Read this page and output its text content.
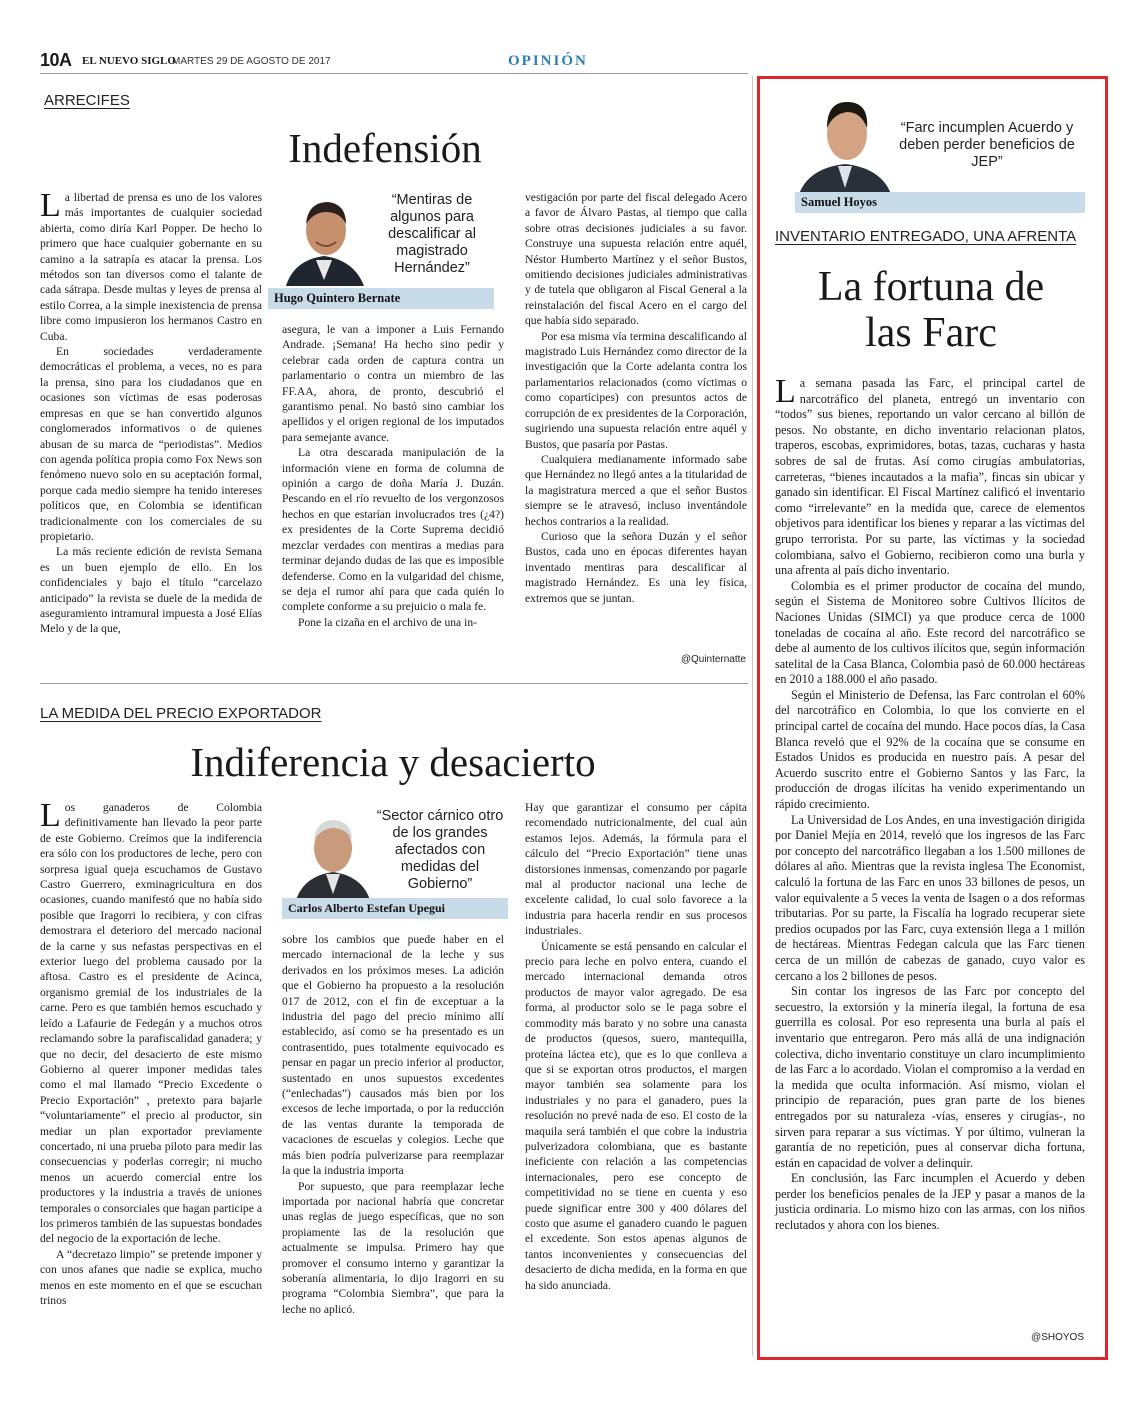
10A EL NUEVO SIGLO
MARTES 29 DE AGOSTO DE 2017	OPINIÓN
ARRECIFES
Indefensión
“Mentiras de algunos para descalificar al magistrado Hernández”
Hugo Quintero Bernate

La libertad de prensa es uno de los valores más importantes de cualquier sociedad abierta, como diría Karl Popper. De hecho lo primero que hace cualquier gobernante en su camino a la satrapía es atacar la prensa. Los métodos son tan diversos como el talante de cada sátrapa. Desde multas y leyes de prensa al estilo Correa, a la simple inexistencia de prensa libre como impusieron los hermanos Castro en Cuba.

En sociedades verdaderamente democráticas el problema, a veces, no es para la prensa, sino para los ciudadanos que en ocasiones son víctimas de esas poderosas empresas en que se han convertido algunos conglomerados informativos o de quienes abusan de su marca de “periodistas”. Medios con agenda política propia como Fox News son fenómeno nuevo solo en su aceptación formal, porque cada medio siempre ha tenido intereses políticos que, en Colombia se identifican tradicionalmente con los comerciales de su propietario.

La más reciente edición de revista Semana es un buen ejemplo de ello. En los confidenciales y bajo el título “carcelazo anticipado” la revista se duele de la medida de aseguramiento intramural impuesta a José Elías Melo y de la que,

asegura, le van a imponer a Luis Fernando Andrade. ¡Semana! Ha hecho sino pedir y celebrar cada orden de captura contra un parlamentario o contra un miembro de las FF.AA, ahora, de pronto, descubrió el garantismo penal. No bastó sino cambiar los apellidos y el origen regional de los imputados para semejante avance.

La otra descarada manipulación de la información viene en forma de columna de opinión a cargo de doña María J. Duzán. Pescando en el río revuelto de los vergonzosos hechos en que estarían involucrados tres (¿4?) ex presidentes de la Corte Suprema decidió mezclar verdades con mentiras a medias para terminar dejando dudas de las que es imposible defenderse. Como en la vulgaridad del chisme, se deja el rumor ahí para que cada quién lo complete conforme a su prejuicio o mala fe.

Pone la cizaña en el archivo de una in-

vestigación por parte del fiscal delegado Acero a favor de Álvaro Pastas, al tiempo que calla sobre otras decisiones judiciales a su favor. Construye una supuesta relación entre aquél, Néstor Humberto Martínez y el señor Bustos, omitiendo decisiones judiciales administrativas y de tutela que obligaron al Fiscal General a la reinstalación del fiscal Acero en el cargo del que había sido separado.

Por esa misma vía termina descalificando al magistrado Luis Hernández como director de la investigación que la Corte adelanta contra los parlamentarios relacionados (como víctimas o como copartícipes) con presuntos actos de corrupción de ex presidentes de la Corporación, sugiriendo una supuesta relación entre aquél y Bustos, que pasaría por Pastas.

Cualquiera medianamente informado sabe que Hernández no llegó antes a la titularidad de la magistratura merced a que el señor Bustos siempre se le atravesó, incluso inventándole hechos contrarios a la realidad.

Curioso que la señora Duzán y el señor Bustos, cada uno en épocas diferentes hayan inventado mentiras para descalificar al magistrado Hernández. Es una ley física, extremos que se juntan.

@Quinternatte
LA MEDIDA DEL PRECIO EXPORTADOR
Indiferencia y desacierto
“Sector cárnico otro de los grandes afectados con medidas del Gobierno”
Carlos Alberto Estefan Upegui

Los ganaderos de Colombia definitivamente han llevado la peor parte de este Gobierno. Creímos que la indiferencia era sólo con los productores de leche, pero con sorpresa igual queja escuchamos de Gustavo Castro Guerrero, exminagricultura en dos ocasiones, cuando manifestó que no había sido posible que Iragorri lo recibiera, y con cifras demostrara el deterioro del mercado nacional de la carne y sus nefastas perspectivas en el exterior luego del problema causado por la aftosa. Castro es el presidente de Acinca, organismo gremial de los industriales de la carne. Pero es que también hemos escuchado y leído a Lafaurie de Fedegán y a muchos otros reclamando sobre la parafiscalidad ganadera; y que no decir, del desacierto de este mismo Gobierno al querer imponer medidas tales como el mal llamado “Precio Excedente o Precio Exportación” , pretexto para bajarle “voluntariamente” el precio al productor, sin mediar un plan exportador previamente concertado, ni una prueba piloto para medir las consecuencias y poderlas corregir; ni mucho menos un acuerdo comercial entre los productores y la industria a través de uniones temporales o consorciales que hagan participe a los primeros también de las supuestas bondades del negocio de la exportación de leche.

A “decretazo limpio” se pretende imponer y con unos afanes que nadie se explica, mucho menos en este momento en el que se escuchan trinos

sobre los cambios que puede haber en el mercado internacional de la leche y sus derivados en los próximos meses. La adición que el Gobierno ha propuesto a la resolución 017 de 2012, con el fin de exceptuar a la industria del pago del precio mínimo allí establecido, así como se ha presentado es un contrasentido, pues totalmente equivocado es pensar en pagar un precio inferior al productor, sustentado en unos supuestos excedentes (“enlechadas”) causados más bien por los excesos de leche importada, o por la reducción de las ventas durante la temporada de vacaciones de escuelas y colegios. Leche que más bien podría pulverizarse para reemplazar la que la industria importa

Por supuesto, que para reemplazar leche importada por nacional habría que concretar unas reglas de juego específicas, que no son propiamente las de la resolución que actualmente se impulsa. Primero hay que promover el consumo interno y garantizar la soberanía alimentaria, lo dijo Iragorri en su programa “Colombia Siembra”, que para la leche no aplicó.

Hay que garantizar el consumo per cápita recomendado nutricionalmente, del cual aún estamos lejos. Además, la fórmula para el cálculo del “Precio Exportación” tiene unas distorsiones inmensas, comenzando por pagarle mal al productor nacional una leche de excelente calidad, lo cual solo favorece a la industria para hacerla rendir en sus procesos industriales.

Únicamente se está pensando en calcular el precio para leche en polvo entera, cuando el mercado internacional demanda otros productos de mayor valor agregado. De esa forma, al productor solo se le paga sobre el commodity más barato y no sobre una canasta de productos (quesos, suero, mantequilla, proteína láctea etc), que es lo que conlleva a que si se exportan otros productos, el margen mayor también sea solamente para los industriales y no para el ganadero, pues la resolución no prevé nada de eso. El costo de la maquila será también el que cobre la industria pulverizadora colombiana, que es bastante ineficiente con relación a las competencias internacionales, pero ese concepto de competitividad no se tiene en cuenta y eso puede significar entre 300 y 400 dólares del costo que asume el ganadero cuando le paguen el excedente. Son estos apenas algunos de tantos inconvenientes y consecuencias del desacierto de dicha medida, en la forma en que ha sido anunciada.

“Farc incumplen Acuerdo y deben perder beneficios de JEP”
Samuel Hoyos
INVENTARIO ENTREGADO, UNA AFRENTA
La fortuna de
las Farc

La semana pasada las Farc, el principal cartel de narcotráfico del planeta, entregó un inventario con “todos” sus bienes, reportando un valor cercano al billón de pesos. No obstante, en dicho inventario relacionan platos, traperos, escobas, exprimidores, botas, tazas, cucharas y hasta sobres de sal de frutas. Así como cirugías ambulatorias, carreteras, “bienes incautados a la mafia”, fincas sin ubicar y ganado sin identificar. El Fiscal Martínez calificó el inventario como “irrelevante” en la medida que, carece de elementos objetivos para identificar los bienes y reparar a las víctimas del grupo terrorista. Por su parte, las víctimas y la sociedad colombiana, salvo el Gobierno, recibieron como una burla y una afrenta al país dicho inventario.

Colombia es el primer productor de cocaína del mundo, según el Sistema de Monitoreo sobre Cultivos Ilícitos de Naciones Unidas (SIMCI) ya que produce cerca de 1000 toneladas de cocaína al año. Este record del narcotráfico se debe al aumento de los cultivos ilícitos que, según información satelital de la Casa Blanca, Colombia pasó de 60.000 hectáreas en 2010 a 188.000 el año pasado.

Según el Ministerio de Defensa, las Farc controlan el 60% del narcotráfico en Colombia, lo que los convierte en el principal cartel de cocaína del mundo. Hace pocos días, la Casa Blanca reveló que el 92% de la cocaína que se consume en Estados Unidos es producida en nuestro país. A pesar del Acuerdo suscrito entre el Gobierno Santos y las Farc, la producción de drogas ilícitas ha venido experimentando un rápido crecimiento.

La Universidad de Los Andes, en una investigación dirigida por Daniel Mejía en 2014, reveló que los ingresos de las Farc por concepto del narcotráfico llegaban a los 1.500 millones de dólares al año. Mientras que la revista inglesa The Economist, calculó la fortuna de las Farc en unos 33 billones de pesos, un valor equivalente a 5 veces la venta de Isagen o a dos reformas tributarias. Por su parte, la Fiscalía ha logrado recuperar siete predios ocupados por las Farc, cuya extensión llega a 1 millón de hectáreas. Mientras Fedegan calcula que las Farc tienen cerca de un millón de cabezas de ganado, cuyo valor es cercano a los 2 billones de pesos.

Sin contar los ingresos de las Farc por concepto del secuestro, la extorsión y la minería ilegal, la fortuna de esa guerrilla es colosal. Por eso representa una burla al país el inventario que entregaron. Pero más allá de una indignación colectiva, dicho inventario constituye un claro incumplimiento de las Farc a lo acordado. Violan el compromiso a la verdad en la medida que oculta información. Así mismo, violan el principio de reparación, pues gran parte de los bienes entregados por su naturaleza -vías, enseres y cirugías-, no sirven para reparar a sus víctimas. Y por último, vulneran la garantía de no repetición, pues al conservar dicha fortuna, están en capacidad de volver a delinquir.

En conclusión, las Farc incumplen el Acuerdo y deben perder los beneficios penales de la JEP y pasar a manos de la justicia ordinaria. Lo mismo hizo con las armas, con los niños reclutados y ahora con los bienes.

@SHOYOS
